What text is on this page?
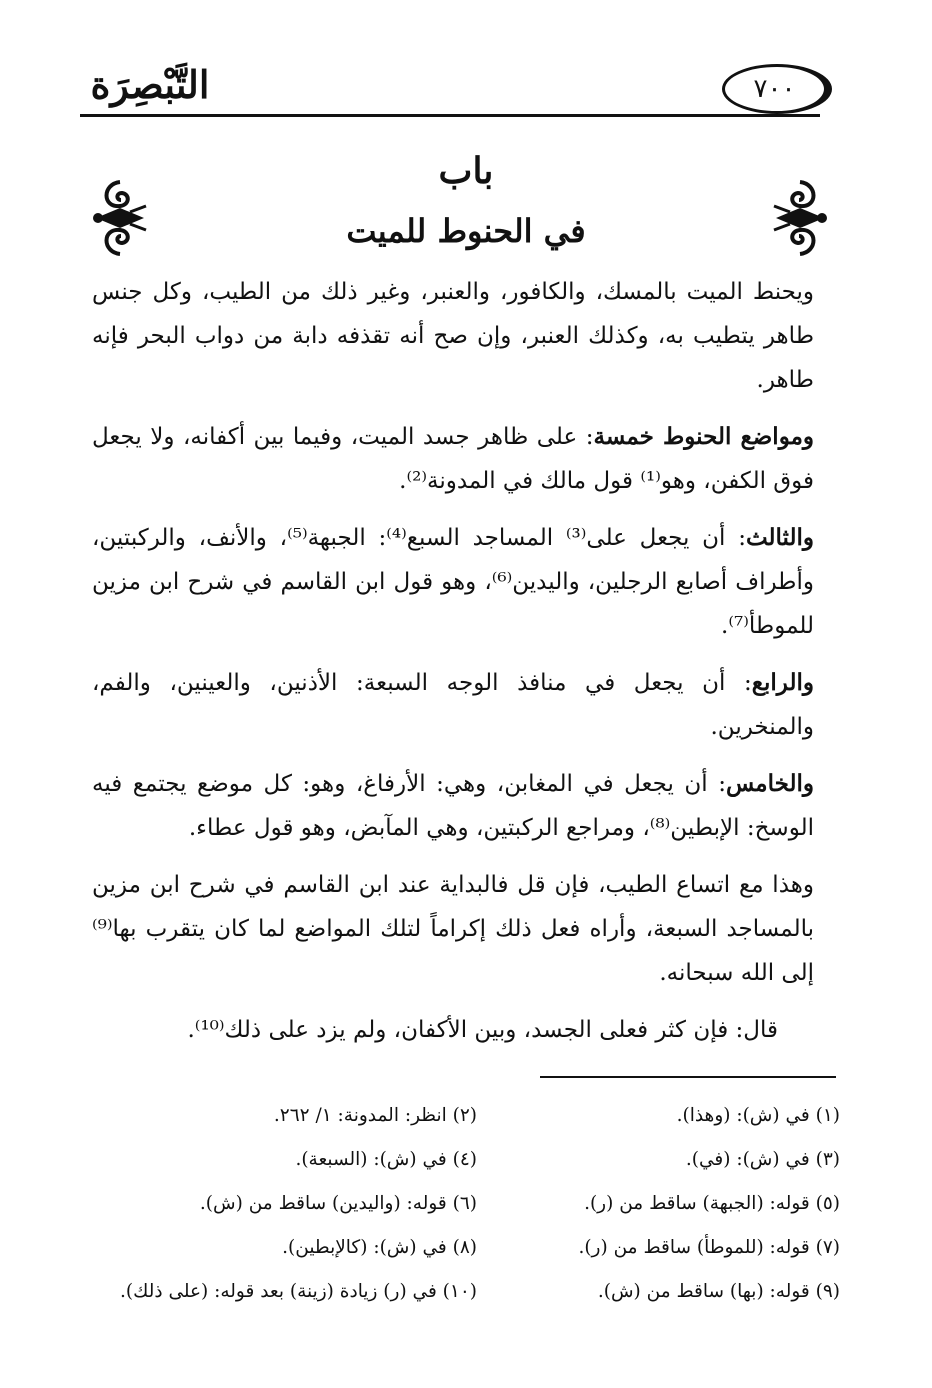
التَّبْصِرَة	٧٠٠
باب
في الحنوط للميت

ويحنط الميت بالمسك، والكافور، والعنبر، وغير ذلك من الطيب، وكل جنس طاهر يتطيب به، وكذلك العنبر، وإن صح أنه تقذفه دابة من دواب البحر فإنه طاهر.

ومواضع الحنوط خمسة: على ظاهر جسد الميت، وفيما بين أكفانه، ولا يجعل فوق الكفن، وهو⁽¹⁾ قول مالك في المدونة⁽²⁾.

والثالث: أن يجعل على⁽³⁾ المساجد السبع⁽⁴⁾: الجبهة⁽⁵⁾، والأنف، والركبتين، وأطراف أصابع الرجلين، واليدين⁽⁶⁾، وهو قول ابن القاسم في شرح ابن مزين للموطأ⁽⁷⁾.

والرابع: أن يجعل في منافذ الوجه السبعة: الأذنين، والعينين، والفم، والمنخرين.

والخامس: أن يجعل في المغابن، وهي: الأرفاغ، وهو: كل موضع يجتمع فيه الوسخ: الإبطين⁽⁸⁾، ومراجع الركبتين، وهي المآبض، وهو قول عطاء.

وهذا مع اتساع الطيب، فإن قل فالبداية عند ابن القاسم في شرح ابن مزين بالمساجد السبعة، وأراه فعل ذلك إكراماً لتلك المواضع لما كان يتقرب بها⁽⁹⁾ إلى الله سبحانه.

قال: فإن كثر فعلى الجسد، وبين الأكفان، ولم يزد على ذلك⁽¹⁰⁾.

(١) في (ش): (وهذا).
(٢) انظر: المدونة: ١/ ٢٦٢.
(٣) في (ش): (في).
(٤) في (ش): (السبعة).
(٥) قوله: (الجبهة) ساقط من (ر).
(٦) قوله: (واليدين) ساقط من (ش).
(٧) قوله: (للموطأ) ساقط من (ر).
(٨) في (ش): (كالإبطين).
(٩) قوله: (بها) ساقط من (ش).
(١٠) في (ر) زيادة (زينة) بعد قوله: (على ذلك).
